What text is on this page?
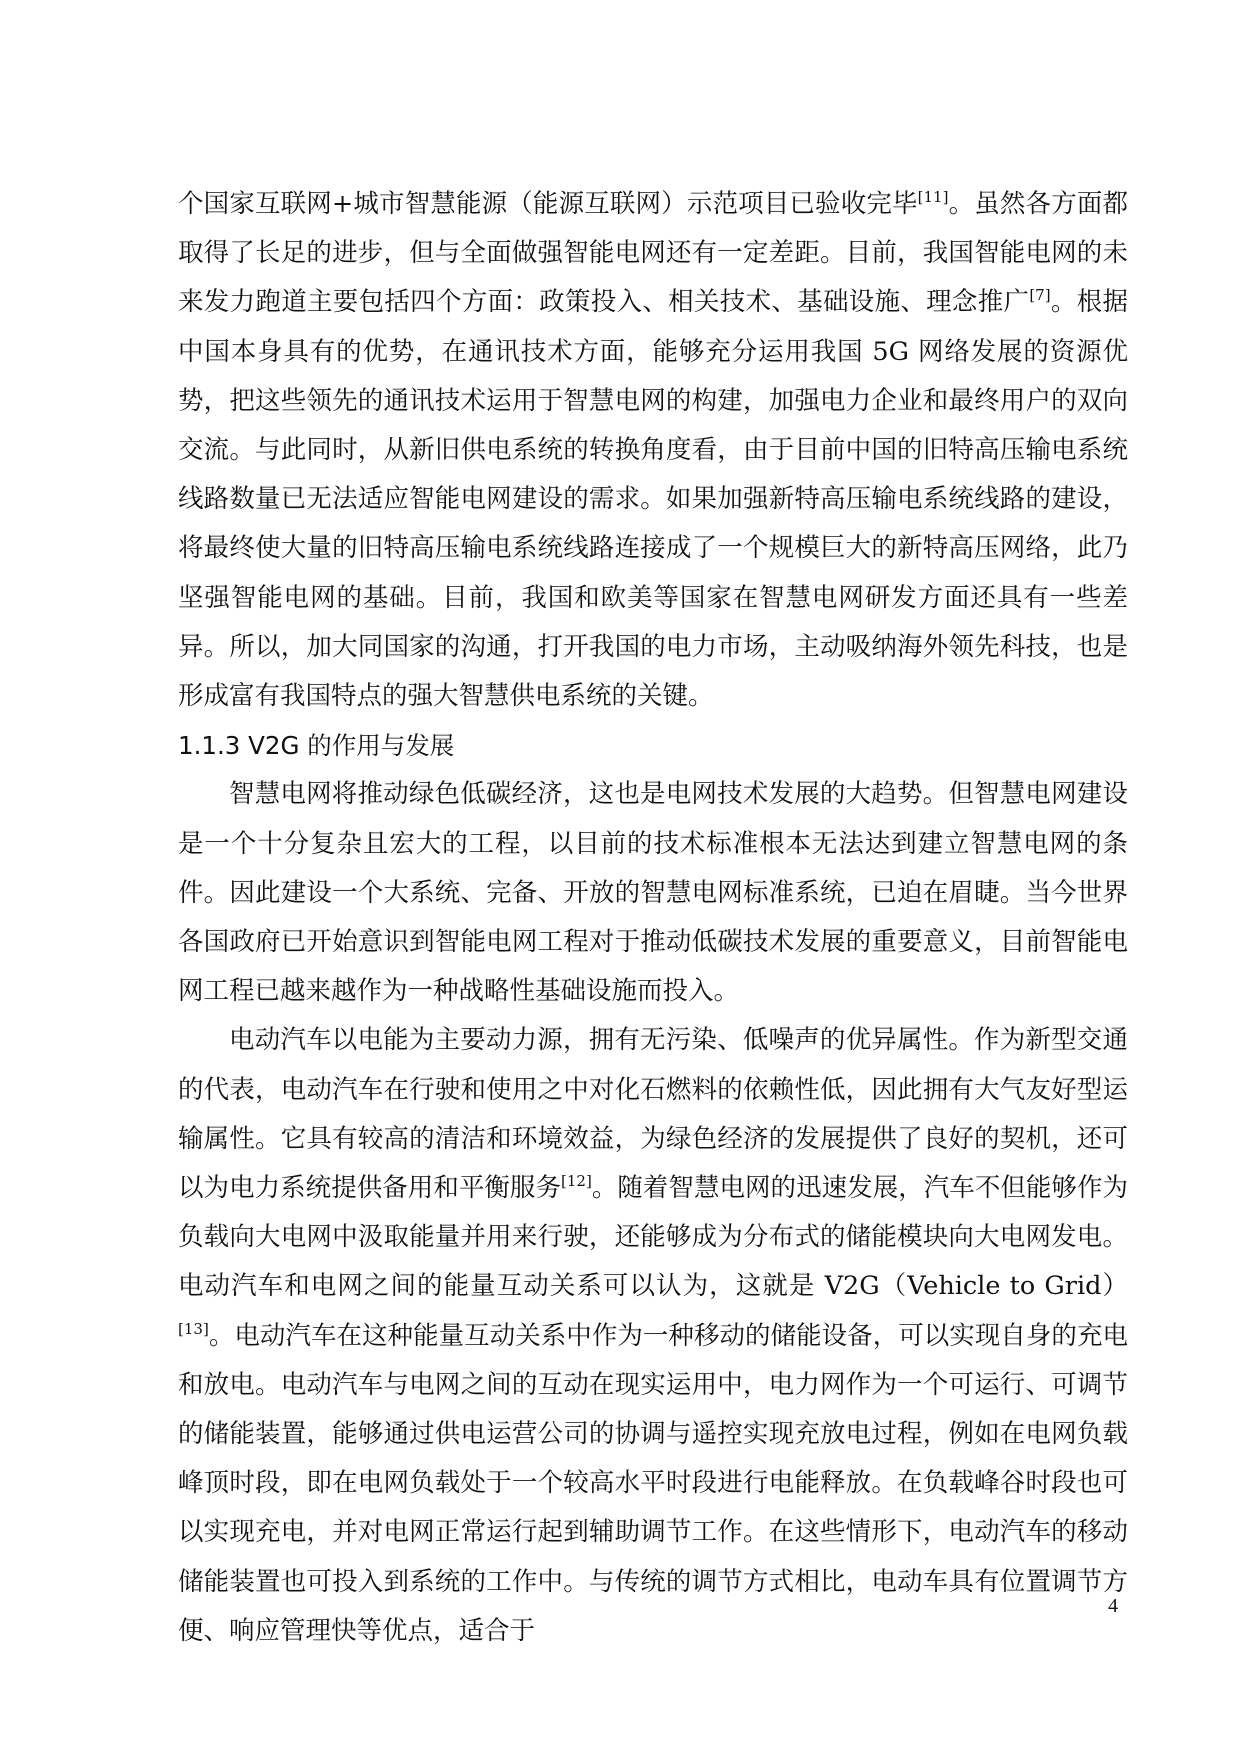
个国家互联网+城市智慧能源（能源互联网）示范项目已验收完毕[11]。虽然各方面都取得了长足的进步，但与全面做强智能电网还有一定差距。目前，我国智能电网的未来发力跑道主要包括四个方面：政策投入、相关技术、基础设施、理念推广[7]。根据中国本身具有的优势，在通讯技术方面，能够充分运用我国 5G 网络发展的资源优势，把这些领先的通讯技术运用于智慧电网的构建，加强电力企业和最终用户的双向交流。与此同时，从新旧供电系统的转换角度看，由于目前中国的旧特高压输电系统线路数量已无法适应智能电网建设的需求。如果加强新特高压输电系统线路的建设，将最终使大量的旧特高压输电系统线路连接成了一个规模巨大的新特高压网络，此乃坚强智能电网的基础。目前，我国和欧美等国家在智慧电网研发方面还具有一些差异。所以，加大同国家的沟通，打开我国的电力市场，主动吸纳海外领先科技，也是形成富有我国特点的强大智慧供电系统的关键。

1.1.3 V2G 的作用与发展

智慧电网将推动绿色低碳经济，这也是电网技术发展的大趋势。但智慧电网建设是一个十分复杂且宏大的工程，以目前的技术标准根本无法达到建立智慧电网的条件。因此建设一个大系统、完备、开放的智慧电网标准系统，已迫在眉睫。当今世界各国政府已开始意识到智能电网工程对于推动低碳技术发展的重要意义，目前智能电网工程已越来越作为一种战略性基础设施而投入。

电动汽车以电能为主要动力源，拥有无污染、低噪声的优异属性。作为新型交通的代表，电动汽车在行驶和使用之中对化石燃料的依赖性低，因此拥有大气友好型运输属性。它具有较高的清洁和环境效益，为绿色经济的发展提供了良好的契机，还可以为电力系统提供备用和平衡服务[12]。随着智慧电网的迅速发展，汽车不但能够作为负载向大电网中汲取能量并用来行驶，还能够成为分布式的储能模块向大电网发电。电动汽车和电网之间的能量互动关系可以认为，这就是 V2G（Vehicle to Grid）[13]。电动汽车在这种能量互动关系中作为一种移动的储能设备，可以实现自身的充电和放电。电动汽车与电网之间的互动在现实运用中，电力网作为一个可运行、可调节的储能装置，能够通过供电运营公司的协调与遥控实现充放电过程，例如在电网负载峰顶时段，即在电网负载处于一个较高水平时段进行电能释放。在负载峰谷时段也可以实现充电，并对电网正常运行起到辅助调节工作。在这些情形下，电动汽车的移动储能装置也可投入到系统的工作中。与传统的调节方式相比，电动车具有位置调节方便、响应管理快等优点，适合于

4
